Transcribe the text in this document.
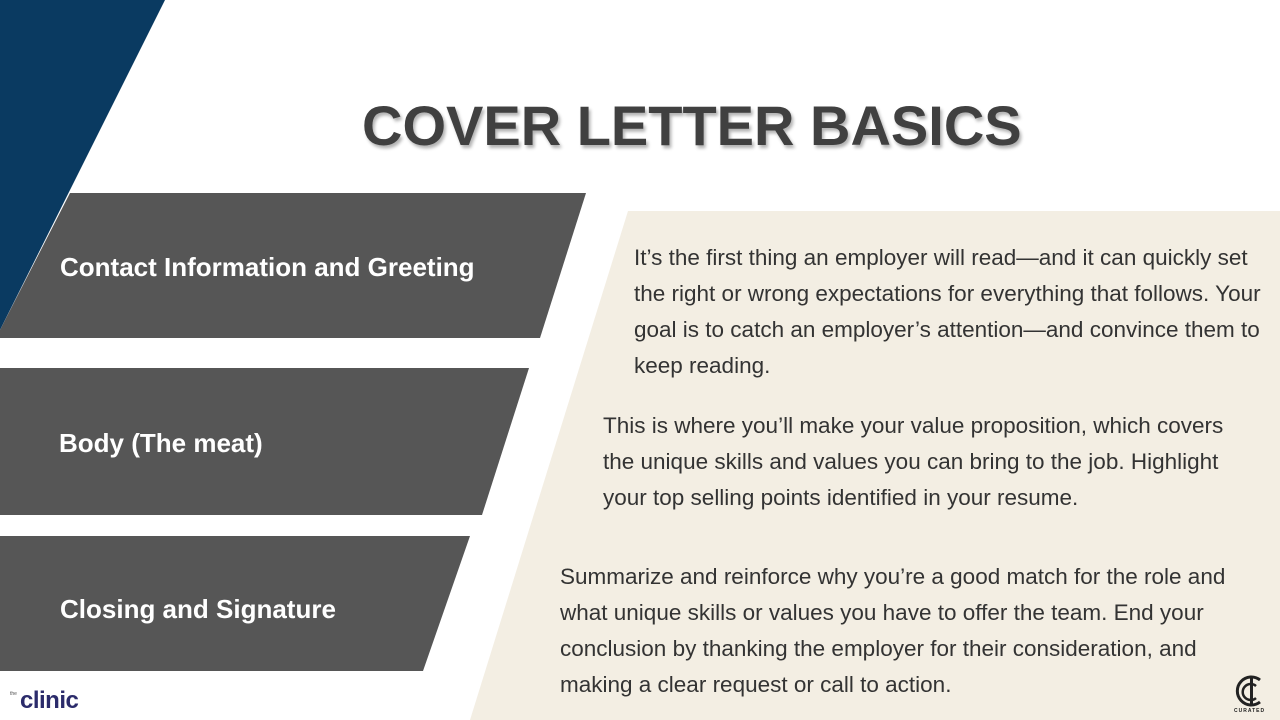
COVER LETTER BASICS
Contact Information and Greeting
Body (The meat)
Closing and Signature

It’s the first thing an employer will read—and it can quickly set the right or wrong expectations for everything that follows. Your goal is to catch an employer’s attention—and convince them to keep reading.

This is where you’ll make your value proposition, which covers the unique skills and values you can bring to the job. Highlight your top selling points identified in your resume.

Summarize and reinforce why you’re a good match for the role and what unique skills or values you have to offer the team. End your conclusion by thanking the employer for their consideration, and making a clear request or call to action.

the clinic	CURATED
